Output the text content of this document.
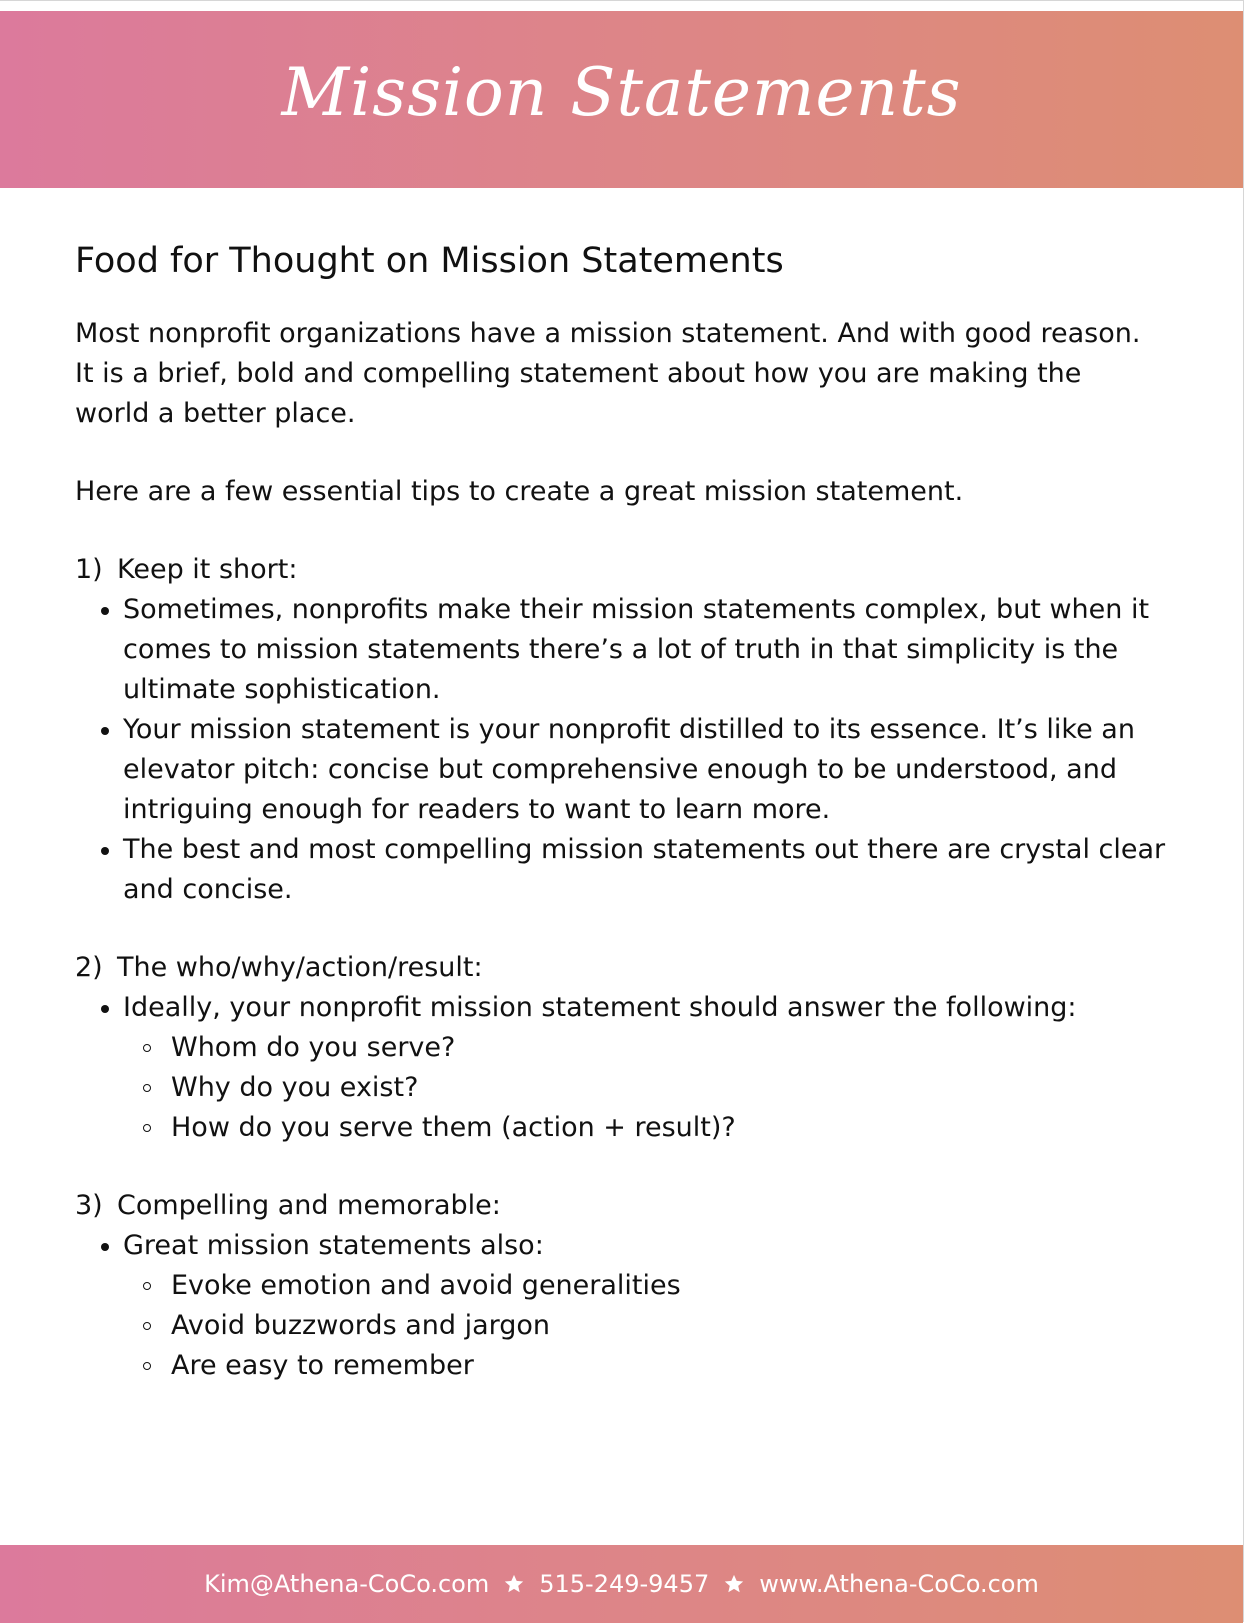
Mission Statements
Food for Thought on Mission Statements

Most nonprofit organizations have a mission statement. And with good reason.
It is a brief, bold and compelling statement about how you are making the
world a better place.

Here are a few essential tips to create a great mission statement.

1) Keep it short:
Sometimes, nonprofits make their mission statements complex, but when it
comes to mission statements there’s a lot of truth in that simplicity is the
ultimate sophistication.
Your mission statement is your nonprofit distilled to its essence. It’s like an
elevator pitch: concise but comprehensive enough to be understood, and
intriguing enough for readers to want to learn more.
The best and most compelling mission statements out there are crystal clear
and concise.
2) The who/why/action/result:
Ideally, your nonprofit mission statement should answer the following:
Whom do you serve?
Why do you exist?
How do you serve them (action + result)?
3) Compelling and memorable:
Great mission statements also:
Evoke emotion and avoid generalities
Avoid buzzwords and jargon
Are easy to remember
Kim@Athena-CoCo.com 515-249-9457 www.Athena-CoCo.com
